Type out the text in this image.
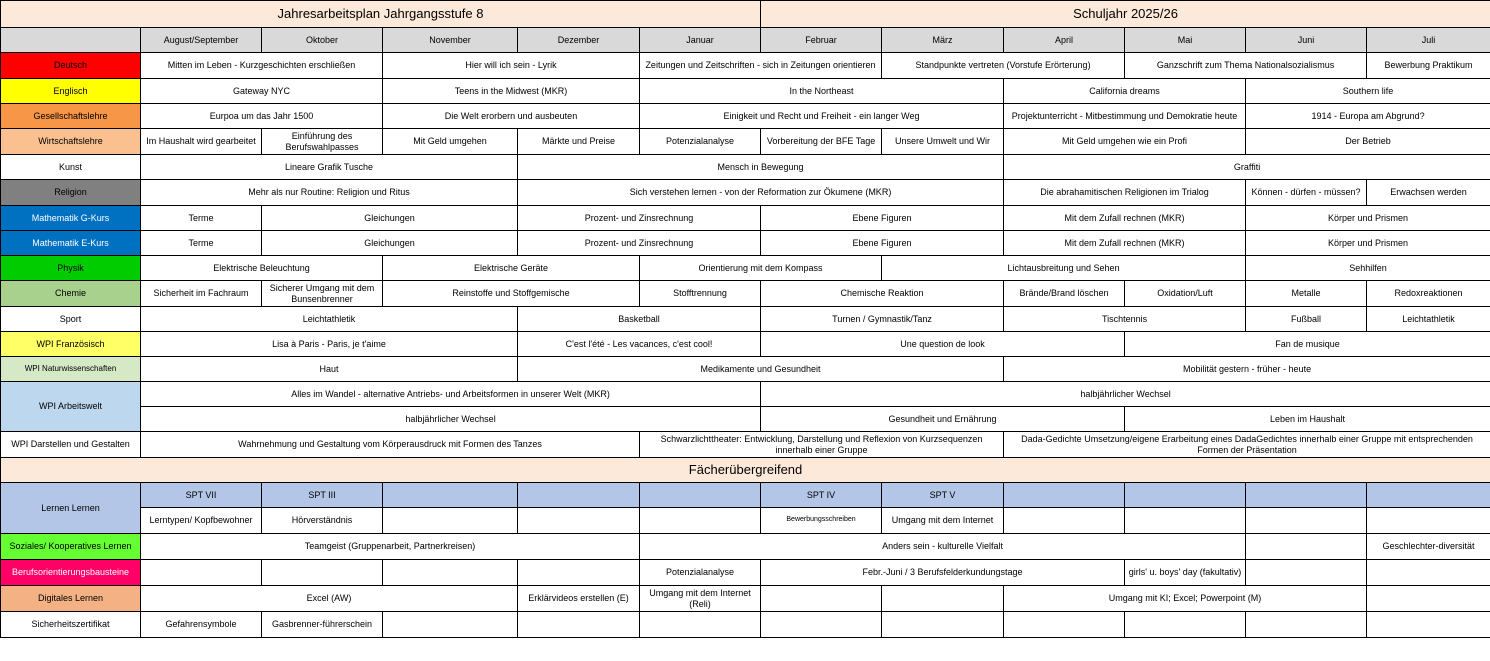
Jahresarbeitsplan Jahrgangsstufe 8						Schuljahr 2025/26						
	August/September	Oktober	November	Dezember	Januar	Februar	März	April	Mai	Juni	Juli	
Deutsch	Mitten im Leben - Kurzgeschichten erschließen		Hier will ich sein - Lyrik		Zeitungen und Zeitschriften - sich in Zeitungen orientieren		Standpunkte vertreten (Vorstufe Erörterung)		Ganzschrift zum Thema Nationalsozialismus		Bewerbung Praktikum	
Englisch	Gateway NYC		Teens in the Midwest (MKR)		In the Northeast			California dreams		Southern life		
Gesellschaftslehre	Eurpoa um das Jahr 1500		Die Welt erorbern und ausbeuten		Einigkeit und Recht und Freiheit - ein langer Weg			Projektunterricht - Mitbestimmung und Demokratie heute		1914 - Europa am Abgrund?		
Wirtschaftslehre	Im Haushalt wird gearbeitet	Einführung des Berufswahlpasses	Mit Geld umgehen	Märkte und Preise	Potenzialanalyse	Vorbereitung der BFE Tage	Unsere Umwelt und Wir	Mit Geld umgehen wie ein Profi		Der Betrieb		
Kunst	Lineare Grafik Tusche			Mensch in Bewegung				Graffiti				
Religion	Mehr als nur Routine: Religion und Ritus			Sich verstehen lernen - von der Reformation zur Ökumene (MKR)				Die abrahamitischen Religionen im Trialog		Können - dürfen - müssen?	Erwachsen werden	
Mathematik G-Kurs	Terme	Gleichungen		Prozent- und Zinsrechnung		Ebene Figuren		Mit dem Zufall rechnen (MKR)		Körper und Prismen		
Mathematik E-Kurs	Terme	Gleichungen		Prozent- und Zinsrechnung		Ebene Figuren		Mit dem Zufall rechnen (MKR)		Körper und Prismen		
Physik	Elektrische Beleuchtung		Elektrische Geräte		Orientierung mit dem Kompass		Lichtausbreitung und Sehen			Sehhilfen		
Chemie	Sicherheit im Fachraum	Sicherer Umgang mit dem Bunsenbrenner	Reinstoffe und Stoffgemische		Stofftrennung	Chemische Reaktion		Brände/Brand löschen	Oxidation/Luft	Metalle	Redoxreaktionen	
Sport	Leichtathletik			Basketball		Turnen / Gymnastik/Tanz		Tischtennis		Fußball	Leichtathletik	
WPI Französisch	Lisa à Paris - Paris, je t'aime			C'est l'été - Les vacances, c'est cool!		Une question de look			Fan de musique			
WPI Naturwissenschaften	Haut			Medikamente und Gesundheit				Mobilität gestern - früher - heute				
WPI Arbeitswelt	Alles im Wandel - alternative Antriebs- und Arbeitsformen in unserer Welt (MKR)					halbjährlicher Wechsel						
	halbjährlicher Wechsel					Gesundheit und Ernährung			Leben im Haushalt			
WPI Darstellen und Gestalten	Wahrnehmung und Gestaltung vom Körperausdruck mit Formen des Tanzes				Schwarzlichttheater: Entwicklung, Darstellung und Reflexion von Kurzsequenzen innerhalb einer Gruppe			Dada-Gedichte Umsetzung/eigene Erarbeitung eines DadaGedichtes innerhalb einer Gruppe mit entsprechenden Formen der Präsentation				
Fächerübergreifend												
Lernen Lernen	SPT VII	SPT III				SPT IV	SPT V					
	Lerntypen/ Kopfbewohner	Hörverständnis				Bewerbungsschreiben	Umgang mit dem Internet					
Soziales/ Kooperatives Lernen	Teamgeist (Gruppenarbeit, Partnerkreisen)				Anders sein - kulturelle Vielfalt						Geschlechter-diversität	
Berufsorientierungsbausteine					Potenzialanalyse	Febr.-Juni / 3 Berufsfelderkundungstage			girls' u. boys' day (fakultativ)			
Digitales Lernen	Excel (AW)			Erklärvideos erstellen (E)	Umgang mit dem Internet (Reli)			Umgang mit KI; Excel; Powerpoint (M)				
Sicherheitszertifikat	Gefahrensymbole	Gasbrenner-führerschein										
